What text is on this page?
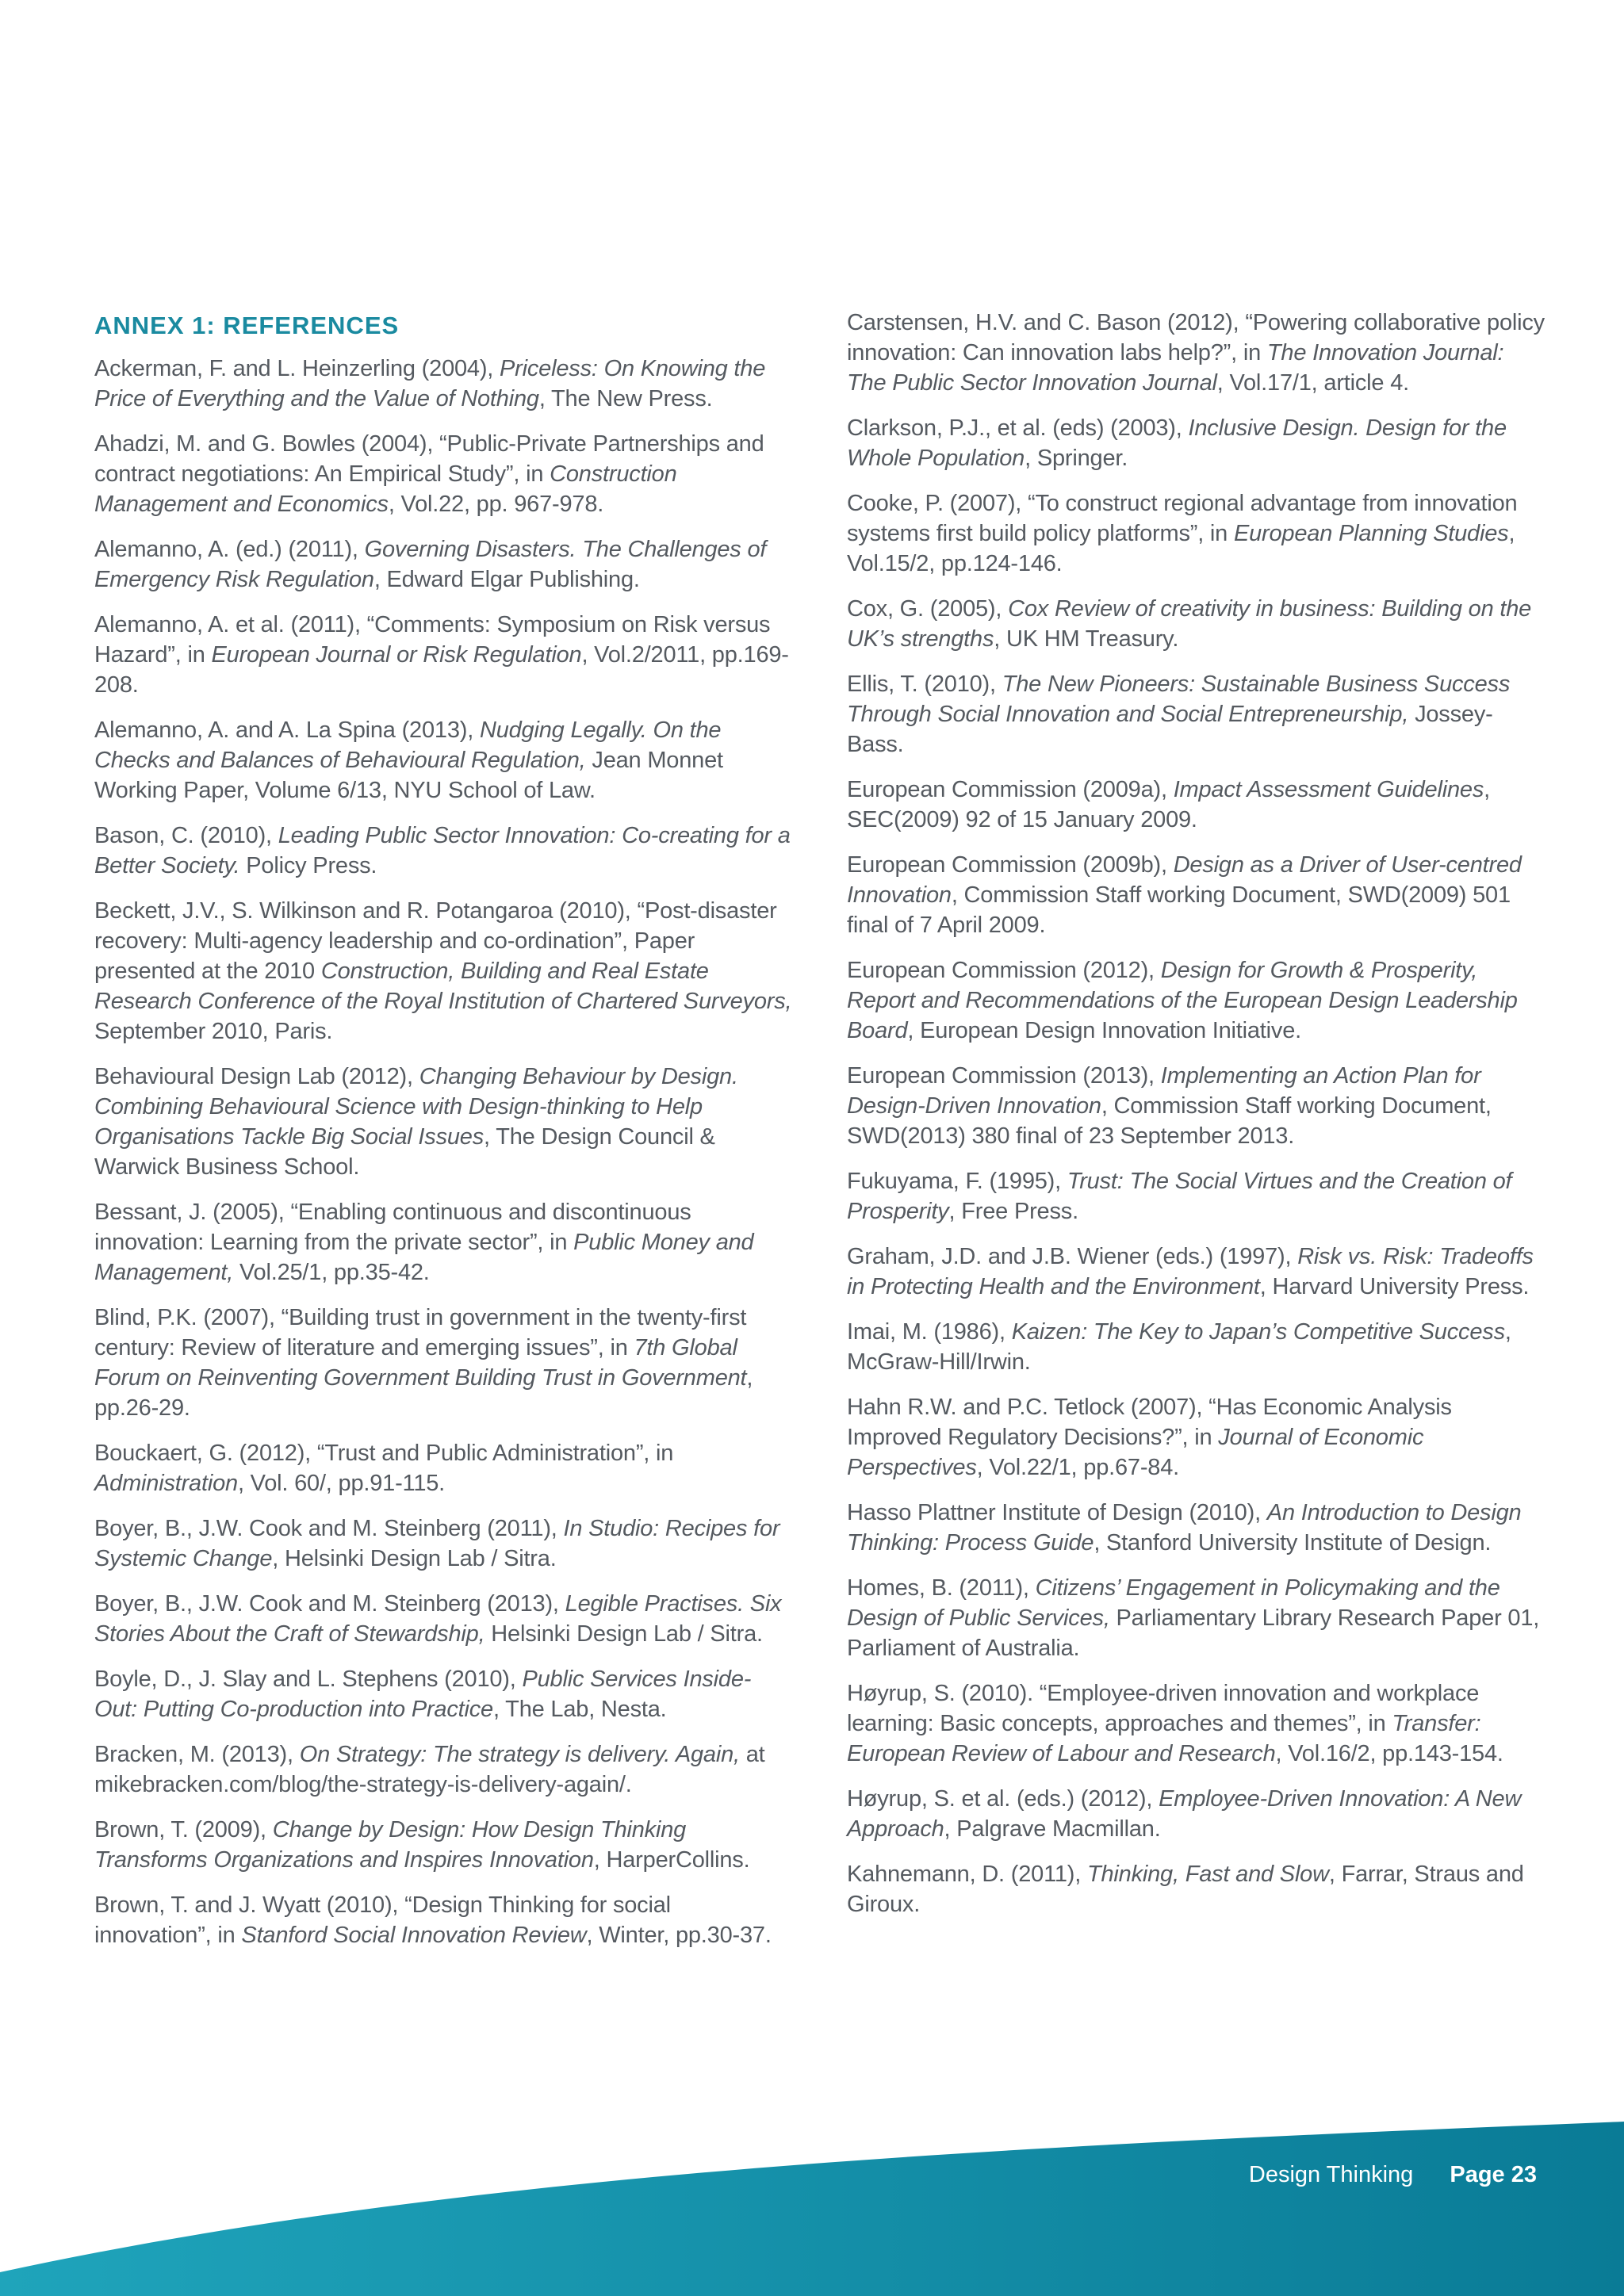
ANNEX 1: REFERENCES
Ackerman, F. and L. Heinzerling (2004), Priceless: On Knowing the Price of Everything and the Value of Nothing, The New Press.
Ahadzi, M. and G. Bowles (2004), “Public-Private Partnerships and contract negotiations: An Empirical Study”, in Construction Management and Economics, Vol.22, pp. 967-978.
Alemanno, A. (ed.) (2011), Governing Disasters. The Challenges of Emergency Risk Regulation, Edward Elgar Publishing.
Alemanno, A. et al. (2011), “Comments: Symposium on Risk versus Hazard”, in European Journal or Risk Regulation, Vol.2/2011, pp.169-208.
Alemanno, A. and A. La Spina (2013), Nudging Legally. On the Checks and Balances of Behavioural Regulation, Jean Monnet Working Paper, Volume 6/13, NYU School of Law.
Bason, C. (2010), Leading Public Sector Innovation: Co-creating for a Better Society. Policy Press.
Beckett, J.V., S. Wilkinson and R. Potangaroa (2010), “Post-disaster recovery: Multi-agency leadership and co-ordination”, Paper presented at the 2010 Construction, Building and Real Estate Research Conference of the Royal Institution of Chartered Surveyors, September 2010, Paris.
Behavioural Design Lab (2012), Changing Behaviour by Design. Combining Behavioural Science with Design-thinking to Help Organisations Tackle Big Social Issues, The Design Council & Warwick Business School.
Bessant, J. (2005), “Enabling continuous and discontinuous innovation: Learning from the private sector”, in Public Money and Management, Vol.25/1, pp.35-42.
Blind, P.K. (2007), “Building trust in government in the twenty-first century: Review of literature and emerging issues”, in 7th Global Forum on Reinventing Government Building Trust in Government, pp.26-29.
Bouckaert, G. (2012), “Trust and Public Administration”, in Administration, Vol. 60/, pp.91-115.
Boyer, B., J.W. Cook and M. Steinberg (2011), In Studio: Recipes for Systemic Change, Helsinki Design Lab / Sitra.
Boyer, B., J.W. Cook and M. Steinberg (2013), Legible Practises. Six Stories About the Craft of Stewardship, Helsinki Design Lab / Sitra.
Boyle, D., J. Slay and L. Stephens (2010), Public Services Inside-Out: Putting Co-production into Practice, The Lab, Nesta.
Bracken, M. (2013), On Strategy: The strategy is delivery. Again, at mikebracken.com/blog/the-strategy-is-delivery-again/.
Brown, T. (2009), Change by Design: How Design Thinking Transforms Organizations and Inspires Innovation, HarperCollins.
Brown, T. and J. Wyatt (2010), “Design Thinking for social innovation”, in Stanford Social Innovation Review, Winter, pp.30-37.
Carstensen, H.V. and C. Bason (2012), “Powering collaborative policy innovation: Can innovation labs help?”, in The Innovation Journal: The Public Sector Innovation Journal, Vol.17/1, article 4.
Clarkson, P.J., et al. (eds) (2003), Inclusive Design. Design for the Whole Population, Springer.
Cooke, P. (2007), “To construct regional advantage from innovation systems first build policy platforms”, in European Planning Studies, Vol.15/2, pp.124-146.
Cox, G. (2005), Cox Review of creativity in business: Building on the UK’s strengths, UK HM Treasury.
Ellis, T. (2010), The New Pioneers: Sustainable Business Success Through Social Innovation and Social Entrepreneurship, Jossey-Bass.
European Commission (2009a), Impact Assessment Guidelines, SEC(2009) 92 of 15 January 2009.
European Commission (2009b), Design as a Driver of User-centred Innovation, Commission Staff working Document, SWD(2009) 501 final of 7 April 2009.
European Commission (2012), Design for Growth & Prosperity, Report and Recommendations of the European Design Leadership Board, European Design Innovation Initiative.
European Commission (2013), Implementing an Action Plan for Design-Driven Innovation, Commission Staff working Document, SWD(2013) 380 final of 23 September 2013.
Fukuyama, F. (1995), Trust: The Social Virtues and the Creation of Prosperity, Free Press.
Graham, J.D. and J.B. Wiener (eds.) (1997), Risk vs. Risk: Tradeoffs in Protecting Health and the Environment, Harvard University Press.
Imai, M. (1986), Kaizen: The Key to Japan’s Competitive Success, McGraw-Hill/Irwin.
Hahn R.W. and P.C. Tetlock (2007), “Has Economic Analysis Improved Regulatory Decisions?”, in Journal of Economic Perspectives, Vol.22/1, pp.67-84.
Hasso Plattner Institute of Design (2010), An Introduction to Design Thinking: Process Guide, Stanford University Institute of Design.
Homes, B. (2011), Citizens’ Engagement in Policymaking and the Design of Public Services, Parliamentary Library Research Paper 01, Parliament of Australia.
Høyrup, S. (2010). “Employee-driven innovation and workplace learning: Basic concepts, approaches and themes”, in Transfer: European Review of Labour and Research, Vol.16/2, pp.143-154.
Høyrup, S. et al. (eds.) (2012), Employee-Driven Innovation: A New Approach, Palgrave Macmillan.
Kahnemann, D. (2011), Thinking, Fast and Slow, Farrar, Straus and Giroux.
Design Thinking Page 23
